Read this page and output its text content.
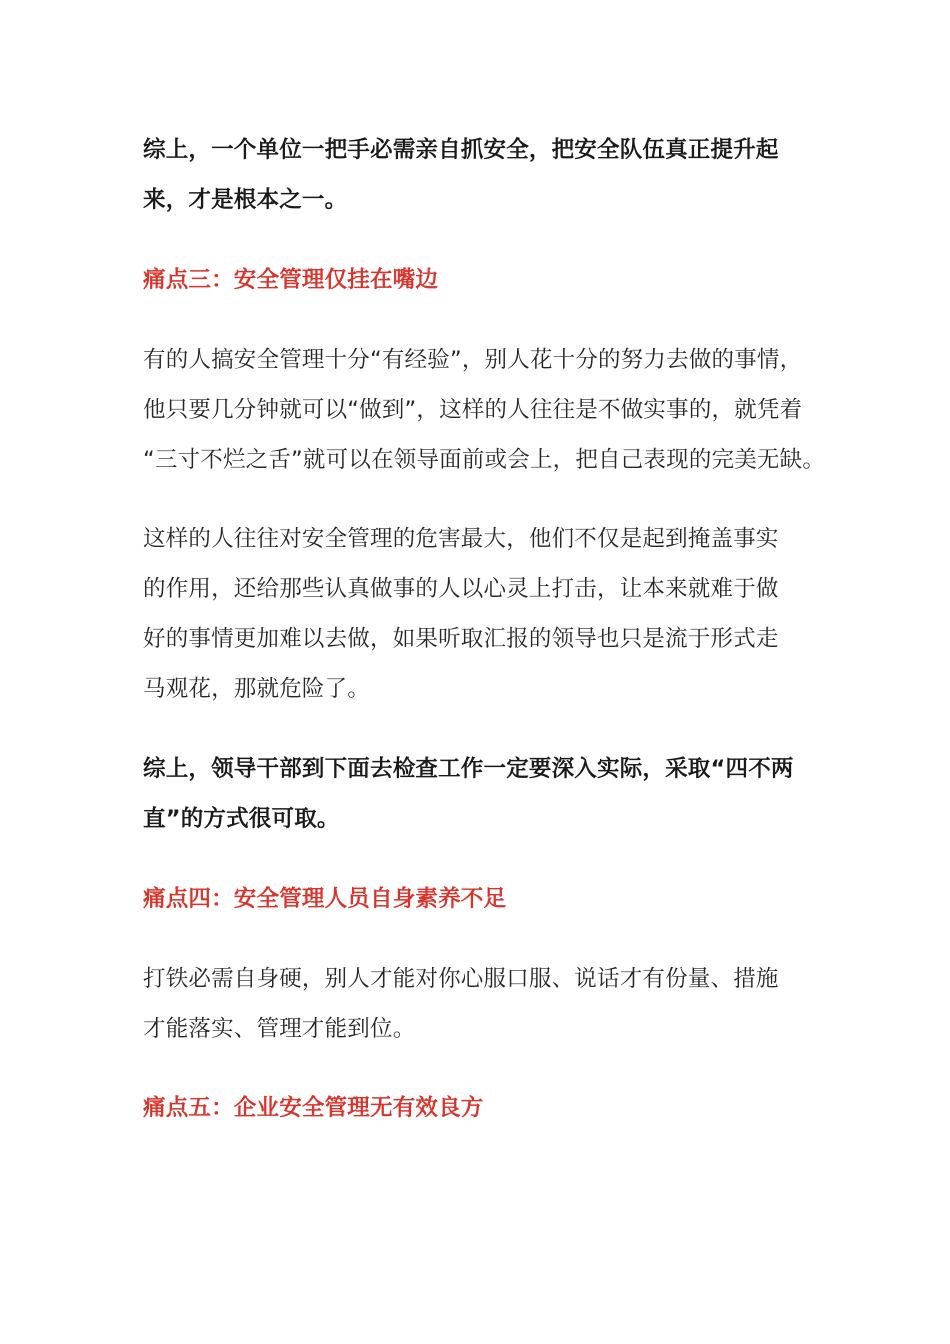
综上，一个单位一把手必需亲自抓安全，把安全队伍真正提升起
来，才是根本之一。
痛点三：安全管理仅挂在嘴边
有的人搞安全管理十分“有经验”，别人花十分的努力去做的事情，
他只要几分钟就可以“做到”，这样的人往往是不做实事的，就凭着
“三寸不烂之舌”就可以在领导面前或会上，把自己表现的完美无缺。
这样的人往往对安全管理的危害最大，他们不仅是起到掩盖事实
的作用，还给那些认真做事的人以心灵上打击，让本来就难于做
好的事情更加难以去做，如果听取汇报的领导也只是流于形式走
马观花，那就危险了。
综上，领导干部到下面去检查工作一定要深入实际，采取“四不两
直”的方式很可取。
痛点四：安全管理人员自身素养不足
打铁必需自身硬，别人才能对你心服口服、说话才有份量、措施
才能落实、管理才能到位。
痛点五：企业安全管理无有效良方
